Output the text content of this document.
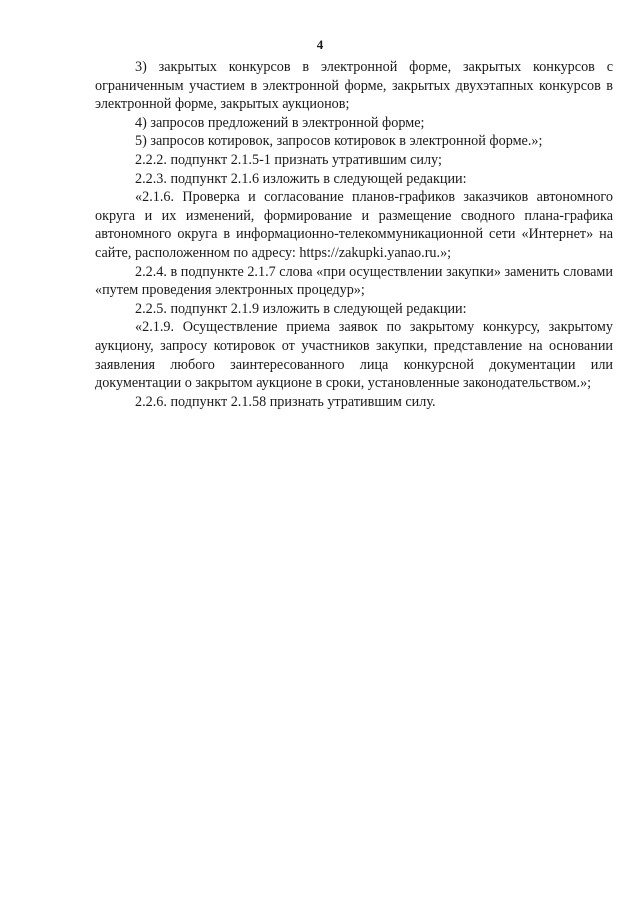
4

3) закрытых конкурсов в электронной форме, закрытых конкурсов с ограниченным участием в электронной форме, закрытых двухэтапных конкурсов в электронной форме, закрытых аукционов;

4) запросов предложений в электронной форме;

5) запросов котировок, запросов котировок в электронной форме.»;

2.2.2. подпункт 2.1.5-1 признать утратившим силу;

2.2.3. подпункт 2.1.6 изложить в следующей редакции:

«2.1.6. Проверка и согласование планов-графиков заказчиков автономного округа и их изменений, формирование и размещение сводного плана-графика автономного округа в информационно-телекоммуникационной сети «Интернет» на сайте, расположенном по адресу: https://zakupki.yanao.ru.»;

2.2.4. в подпункте 2.1.7 слова «при осуществлении закупки» заменить словами «путем проведения электронных процедур»;

2.2.5. подпункт 2.1.9 изложить в следующей редакции:

«2.1.9. Осуществление приема заявок по закрытому конкурсу, закрытому аукциону, запросу котировок от участников закупки, представление на основании заявления любого заинтересованного лица конкурсной документации или документации о закрытом аукционе в сроки, установленные законодательством.»;

2.2.6. подпункт 2.1.58 признать утратившим силу.
